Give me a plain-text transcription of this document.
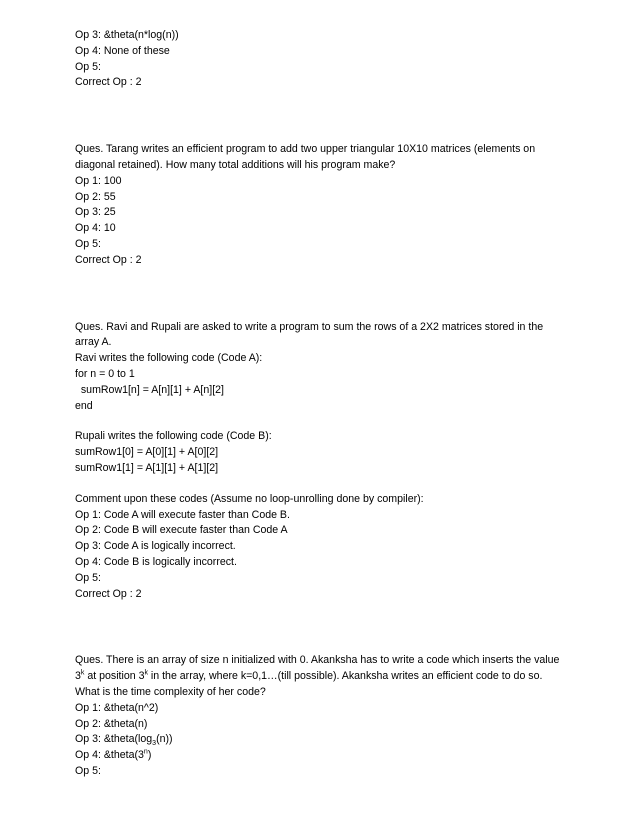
Op 3: &theta(n*log(n))
Op 4: None of these
Op 5:
Correct Op : 2
Ques. Tarang writes an efficient program to add two upper triangular 10X10 matrices (elements on diagonal retained). How many total additions will his program make?
Op 1: 100
Op 2: 55
Op 3: 25
Op 4: 10
Op 5:
Correct Op : 2
Ques. Ravi and Rupali are asked to write a program to sum the rows of a 2X2 matrices stored in the array A.
Ravi writes the following code (Code A):
for n = 0 to 1
sumRow1[n] = A[n][1] + A[n][2]
end
Rupali writes the following code (Code B):
sumRow1[0] = A[0][1] + A[0][2]
sumRow1[1] = A[1][1] + A[1][2]
Comment upon these codes (Assume no loop-unrolling done by compiler):
Op 1: Code A will execute faster than Code B.
Op 2: Code B will execute faster than Code A
Op 3: Code A is logically incorrect.
Op 4: Code B is logically incorrect.
Op 5:
Correct Op : 2
Ques. There is an array of size n initialized with 0. Akanksha has to write a code which inserts the value
3$^k$ at position 3$^k$ in the array, where k=0,1…(till possible). Akanksha writes an efficient code to do so.
What is the time complexity of her code?
Op 1: &theta(n^2)
Op 2: &theta(n)
Op 3: $\&theta(\log_3(n))$
Op 4: &theta(3$^n$)
Op 5:
